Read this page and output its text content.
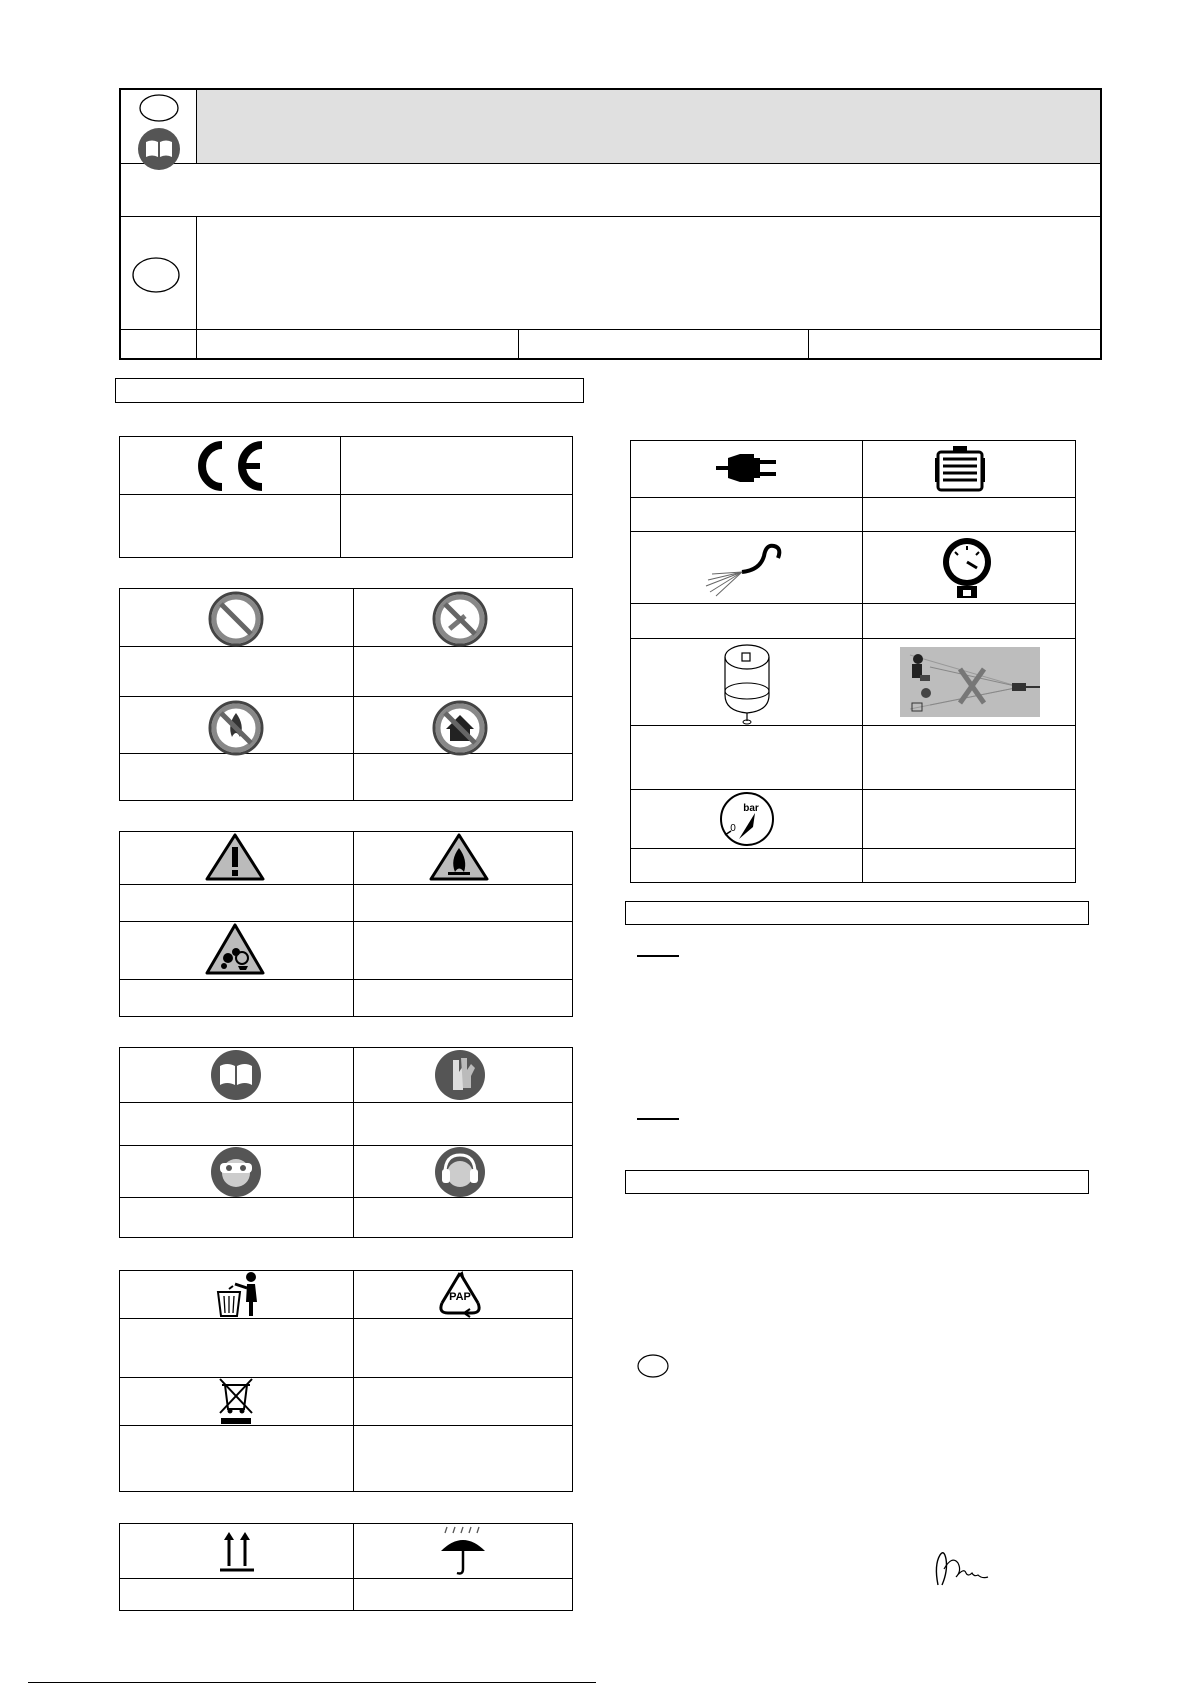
PAP
bar
0
